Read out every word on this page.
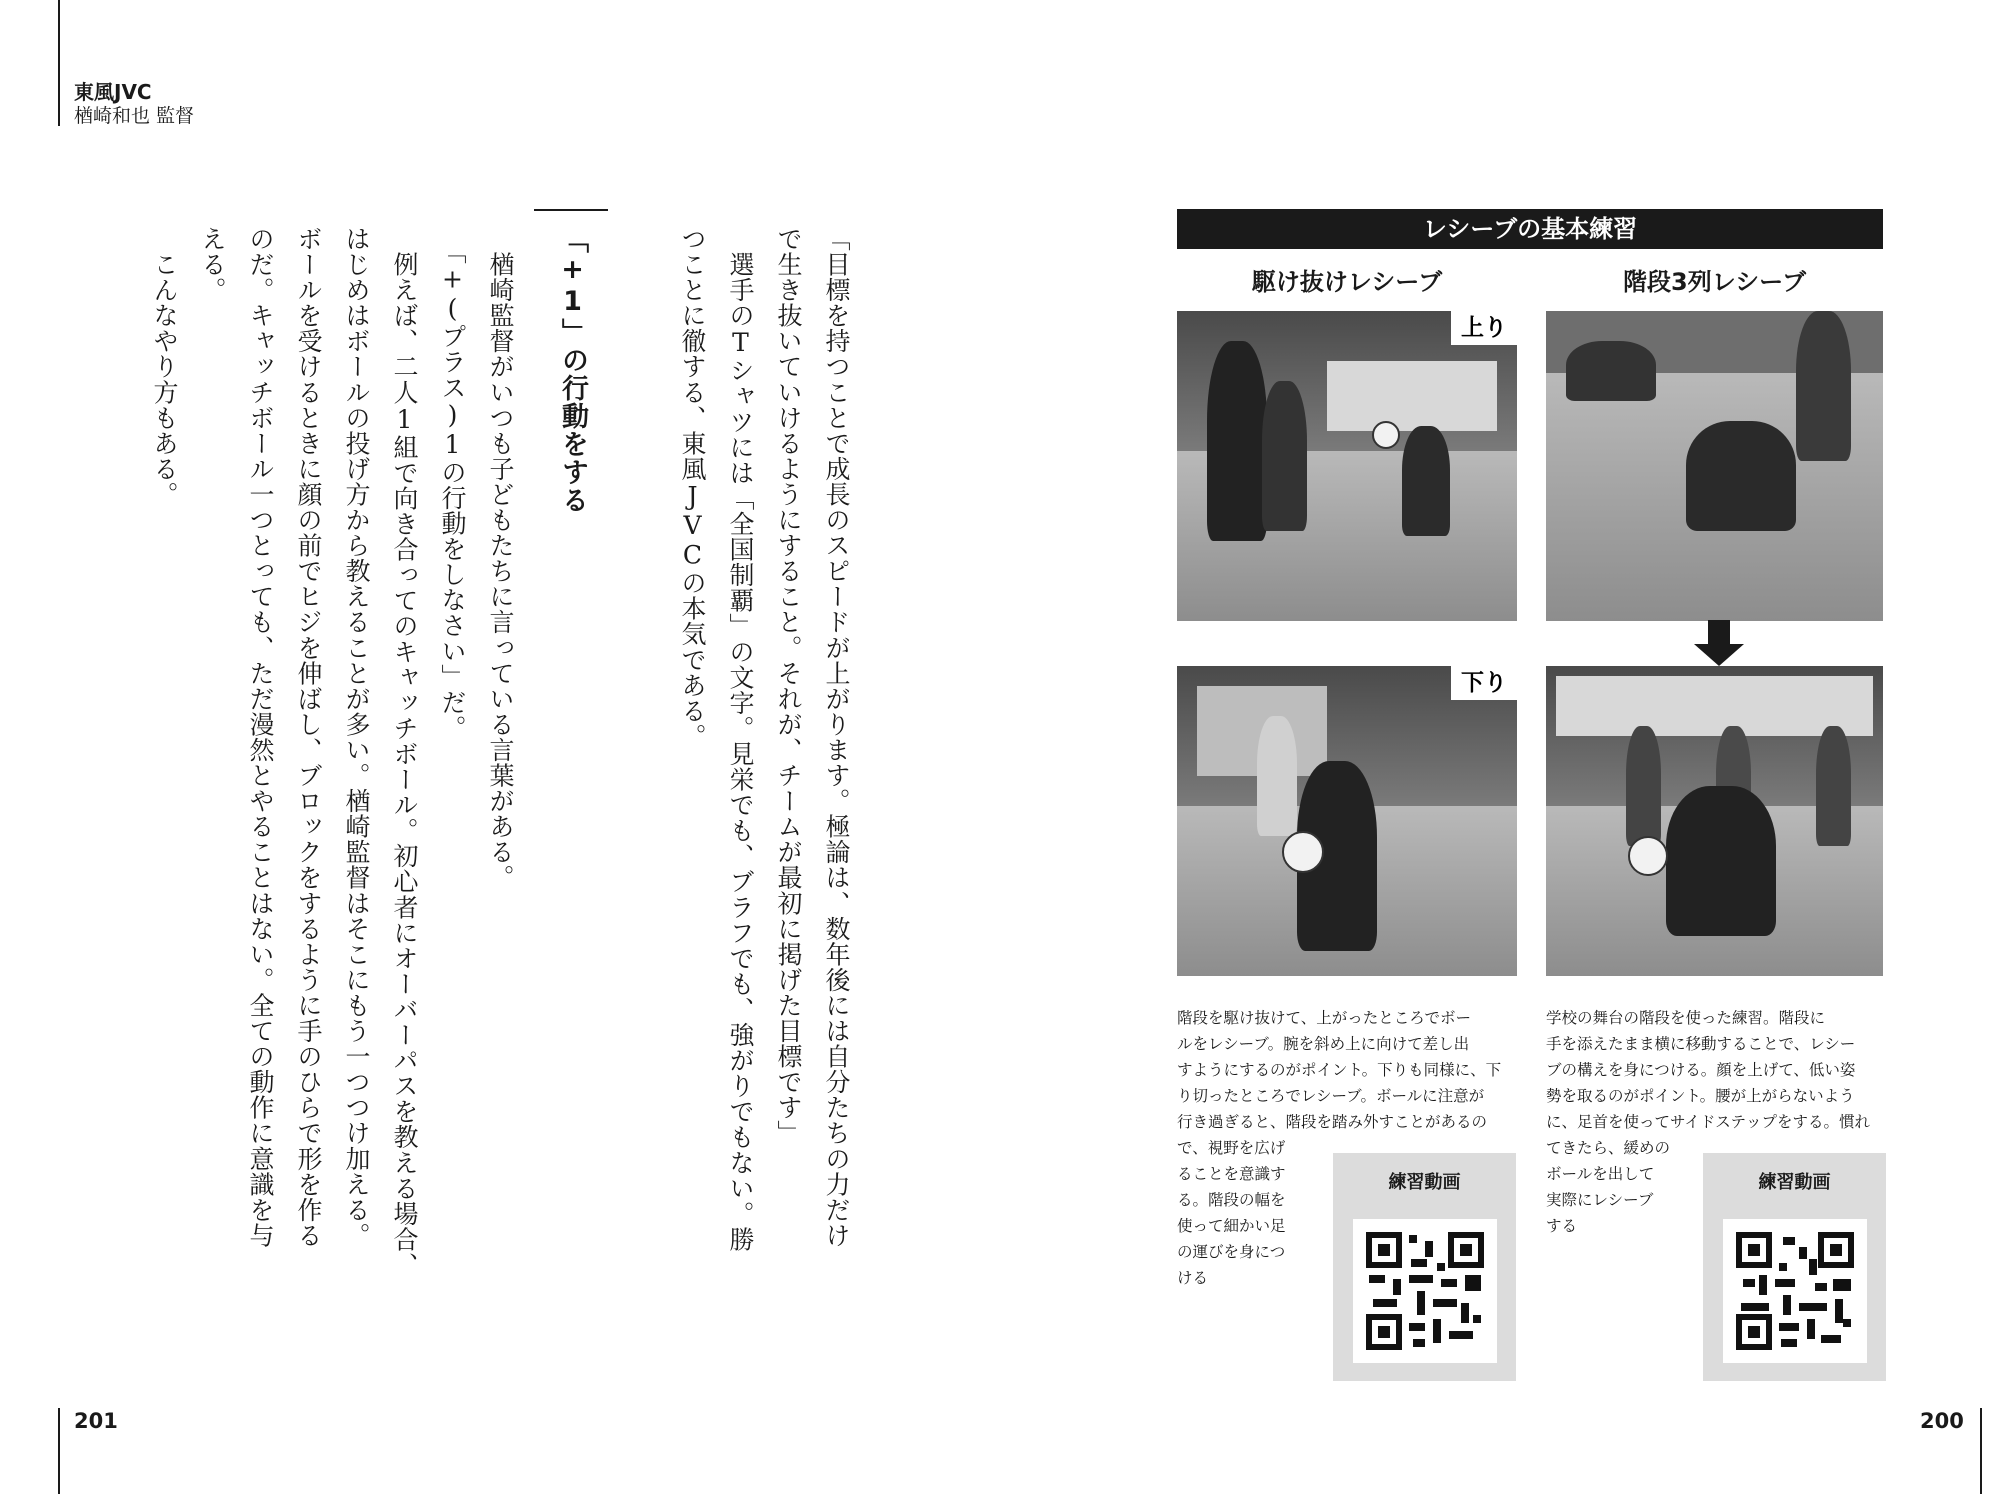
東風JVC
楢崎和也 監督
201	200
「目標を持つことで成長のスピードが上がります。極論は、数年後には自分たちの力だけ
で生き抜いていけるようにすること。それが、チームが最初に掲げた目標です」
　選手のTシャツには「全国制覇」の文字。見栄でも、ブラフでも、強がりでもない。勝
つことに徹する、東風JVCの本気である。
「+1」の行動をする
　楢崎監督がいつも子どもたちに言っている言葉がある。
　「+(プラス)1の行動をしなさい」だ。
　例えば、二人1組で向き合ってのキャッチボール。初心者にオーバーパスを教える場合、
はじめはボールの投げ方から教えることが多い。楢崎監督はそこにもう一つつけ加える。
ボールを受けるときに顔の前でヒジを伸ばし、ブロックをするように手のひらで形を作る
のだ。キャッチボール一つとっても、ただ漫然とやることはない。全ての動作に意識を与
える。
　こんなやり方もある。	レシーブの基本練習
駆け抜けレシーブ	階段3列レシーブ
上り
下り
階段を駆け抜けて、上がったところでボー
ルをレシーブ。腕を斜め上に向けて差し出
すようにするのがポイント。下りも同様に、下
り切ったところでレシーブ。ボールに注意が
行き過ぎると、階段を踏み外すことがあるの
で、視野を広げ
ることを意識す
る。階段の幅を
使って細かい足
の運びを身につ
ける
学校の舞台の階段を使った練習。階段に
手を添えたまま横に移動することで、レシー
ブの構えを身につける。顔を上げて、低い姿
勢を取るのがポイント。腰が上がらないよう
に、足首を使ってサイドステップをする。慣れ
てきたら、緩めの
ボールを出して
実際にレシーブ
する
練習動画	練習動画
